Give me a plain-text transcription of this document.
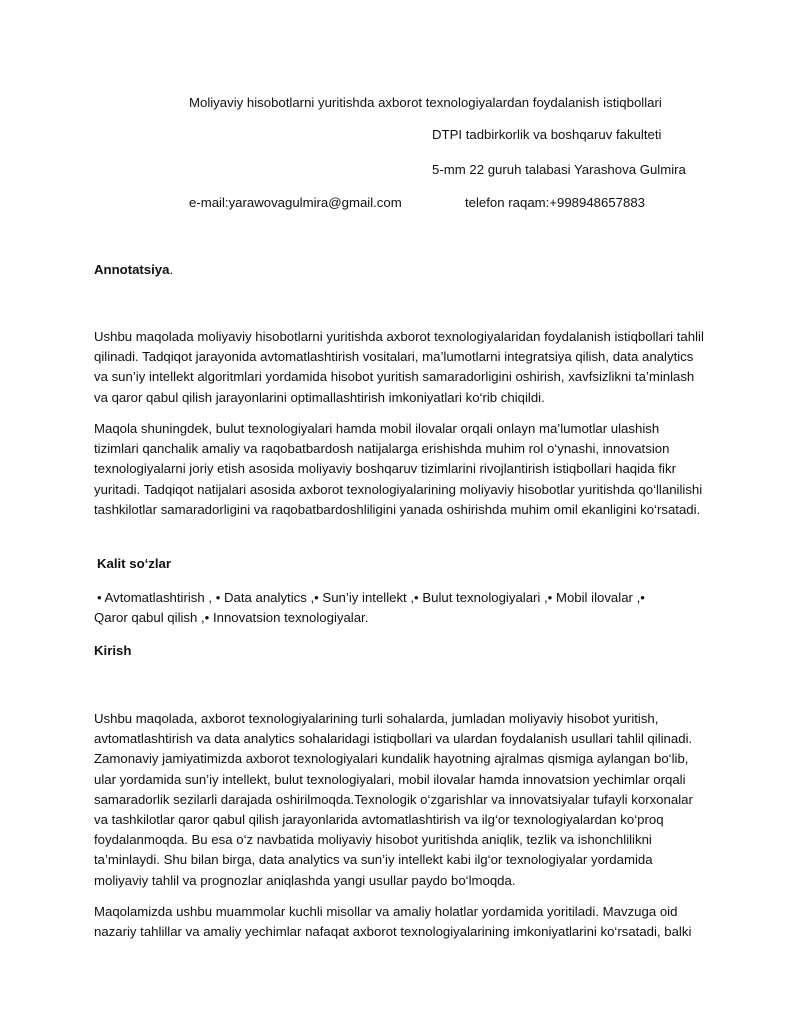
Moliyaviy hisobotlarni yuritishda axborot texnologiyalardan foydalanish istiqbollari
DTPI tadbirkorlik va boshqaruv fakulteti
5-mm 22 guruh talabasi Yarashova Gulmira
e-mail:yarawovagulmira@gmail.com	telefon raqam:+998948657883
Annotatsiya.
Ushbu maqolada moliyaviy hisobotlarni yuritishda axborot texnologiyalaridan foydalanish istiqbollari tahlil qilinadi. Tadqiqot jarayonida avtomatlashtirish vositalari, ma’lumotlarni integratsiya qilish, data analytics va sun’iy intellekt algoritmlari yordamida hisobot yuritish samaradorligini oshirish, xavfsizlikni ta’minlash va qaror qabul qilish jarayonlarini optimallashtirish imkoniyatlari ko‘rib chiqildi.
Maqola shuningdek, bulut texnologiyalari hamda mobil ilovalar orqali onlayn ma’lumotlar ulashish tizimlari qanchalik amaliy va raqobatbardosh natijalarga erishishda muhim rol o‘ynashi, innovatsion texnologiyalarni joriy etish asosida moliyaviy boshqaruv tizimlarini rivojlantirish istiqbollari haqida fikr yuritadi. Tadqiqot natijalari asosida axborot texnologiyalarining moliyaviy hisobotlar yuritishda qo‘llanilishi tashkilotlar samaradorligini va raqobatbardoshliligini yanada oshirishda muhim omil ekanligini ko‘rsatadi.
Kalit so‘zlar
• Avtomatlashtirish , • Data analytics ,• Sun’iy intellekt ,• Bulut texnologiyalari ,• Mobil ilovalar ,•
Qaror qabul qilish ,• Innovatsion texnologiyalar.
Kirish
Ushbu maqolada, axborot texnologiyalarining turli sohalarda, jumladan moliyaviy hisobot yuritish, avtomatlashtirish va data analytics sohalaridagi istiqbollari va ulardan foydalanish usullari tahlil qilinadi. Zamonaviy jamiyatimizda axborot texnologiyalari kundalik hayotning ajralmas qismiga aylangan bo‘lib, ular yordamida sun’iy intellekt, bulut texnologiyalari, mobil ilovalar hamda innovatsion yechimlar orqali samaradorlik sezilarli darajada oshirilmoqda.Texnologik o‘zgarishlar va innovatsiyalar tufayli korxonalar va tashkilotlar qaror qabul qilish jarayonlarida avtomatlashtirish va ilg‘or texnologiyalardan ko‘proq foydalanmoqda. Bu esa o‘z navbatida moliyaviy hisobot yuritishda aniqlik, tezlik va ishonchlilikni ta’minlaydi. Shu bilan birga, data analytics va sun’iy intellekt kabi ilg‘or texnologiyalar yordamida moliyaviy tahlil va prognozlar aniqlashda yangi usullar paydo bo‘lmoqda.
Maqolamizda ushbu muammolar kuchli misollar va amaliy holatlar yordamida yoritiladi. Mavzuga oid nazariy tahlillar va amaliy yechimlar nafaqat axborot texnologiyalarining imkoniyatlarini ko‘rsatadi, balki
